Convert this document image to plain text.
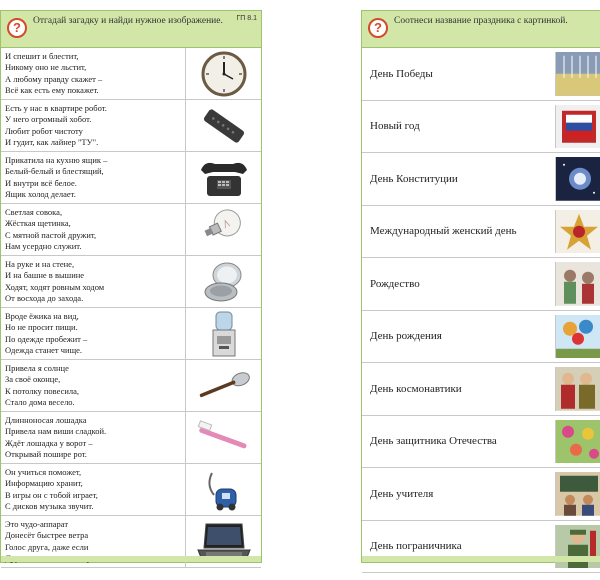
?	Отгадай загадку и найди нужное изображение.	ГП 8.1
И спешит и блестит,
Никому оно не льстит,
А любому правду скажет –
Всё как есть ему покажет.
Есть у нас в квартире робот.
У него огромный хобот.
Любит робот чистоту
И гудит, как лайнер "ТУ".
Прикатила на кухню ящик –
Белый-белый и блестящий,
И внутри всё белое.
Ящик холод делает.
Светлая совока,
Жёсткая щетинка,
С мятной пастой дружит,
Нам усердно служит.
На руке и на стене,
И на башне в вышине
Ходят, ходят ровным ходом
От восхода до захода.
Вроде ёжика на вид,
Но не просит пищи.
По одежде пробежит –
Одежда станет чище.
Привела я солнце
За своё оконце,
К потолку повесила,
Стало дома весело.
Длинноносая лошадка
Привела нам виши сладкой.
Ждёт лошадка у ворот –
Открывай пошире рот.
Он учиться поможет,
Информацию хранит,
В игры он с тобой играет,
С дисков музыка звучит.
Это чудо-аппарат
Донесёт быстрее ветра
Голос друга, даже если
?	Соотнеси название праздника с картинкой.
День Победы
Новый год
День Конституции
Международный женский день
Рождество
День рождения
День космонавтики
День защитника Отечества
День учителя
День пограничника
